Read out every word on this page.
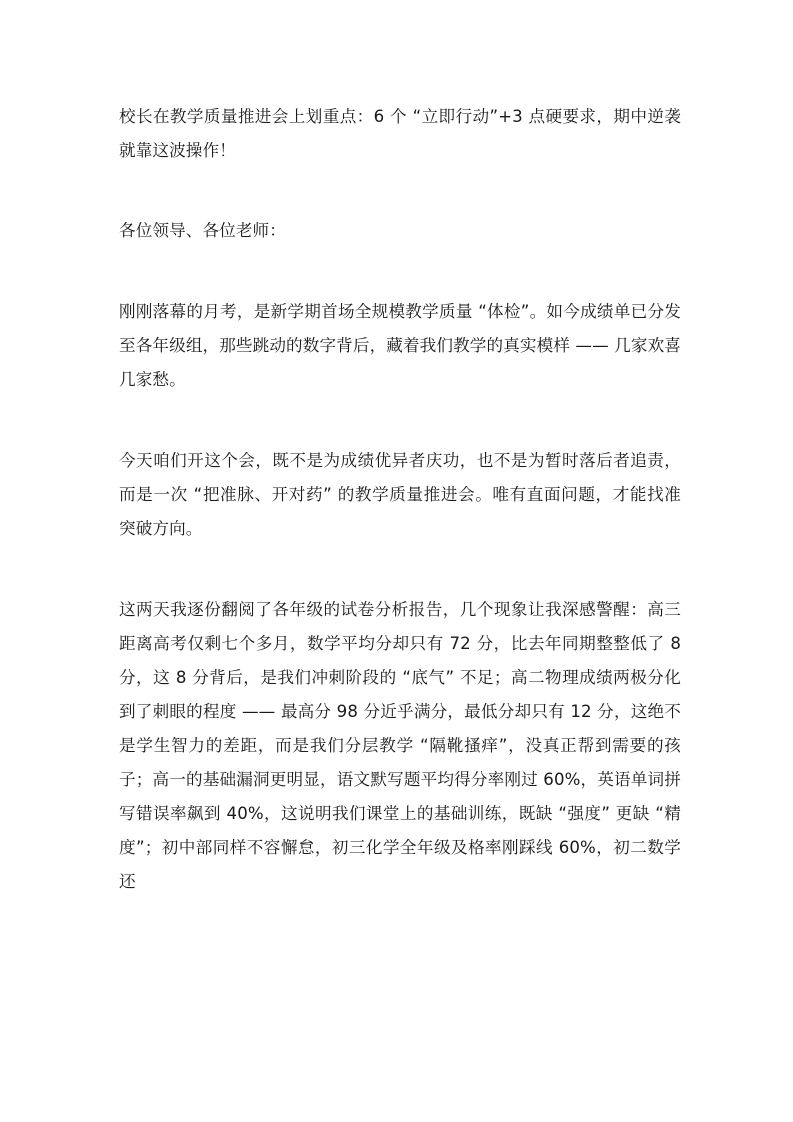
校长在教学质量推进会上划重点：6 个 “立即行动”+3 点硬要求，期中逆袭就靠这波操作！

各位领导、各位老师：

刚刚落幕的月考，是新学期首场全规模教学质量 “体检”。如今成绩单已分发至各年级组，那些跳动的数字背后，藏着我们教学的真实模样 —— 几家欢喜几家愁。

今天咱们开这个会，既不是为成绩优异者庆功，也不是为暂时落后者追责，而是一次 “把准脉、开对药” 的教学质量推进会。唯有直面问题，才能找准突破方向。

这两天我逐份翻阅了各年级的试卷分析报告，几个现象让我深感警醒：高三距离高考仅剩七个多月，数学平均分却只有 72 分，比去年同期整整低了 8 分，这 8 分背后，是我们冲刺阶段的 “底气” 不足；高二物理成绩两极分化到了刺眼的程度 —— 最高分 98 分近乎满分，最低分却只有 12 分，这绝不是学生智力的差距，而是我们分层教学 “隔靴搔痒”，没真正帮到需要的孩子；高一的基础漏洞更明显，语文默写题平均得分率刚过 60%，英语单词拼写错误率飙到 40%，这说明我们课堂上的基础训练，既缺 “强度” 更缺 “精度”；初中部同样不容懈怠，初三化学全年级及格率刚踩线 60%，初二数学还
